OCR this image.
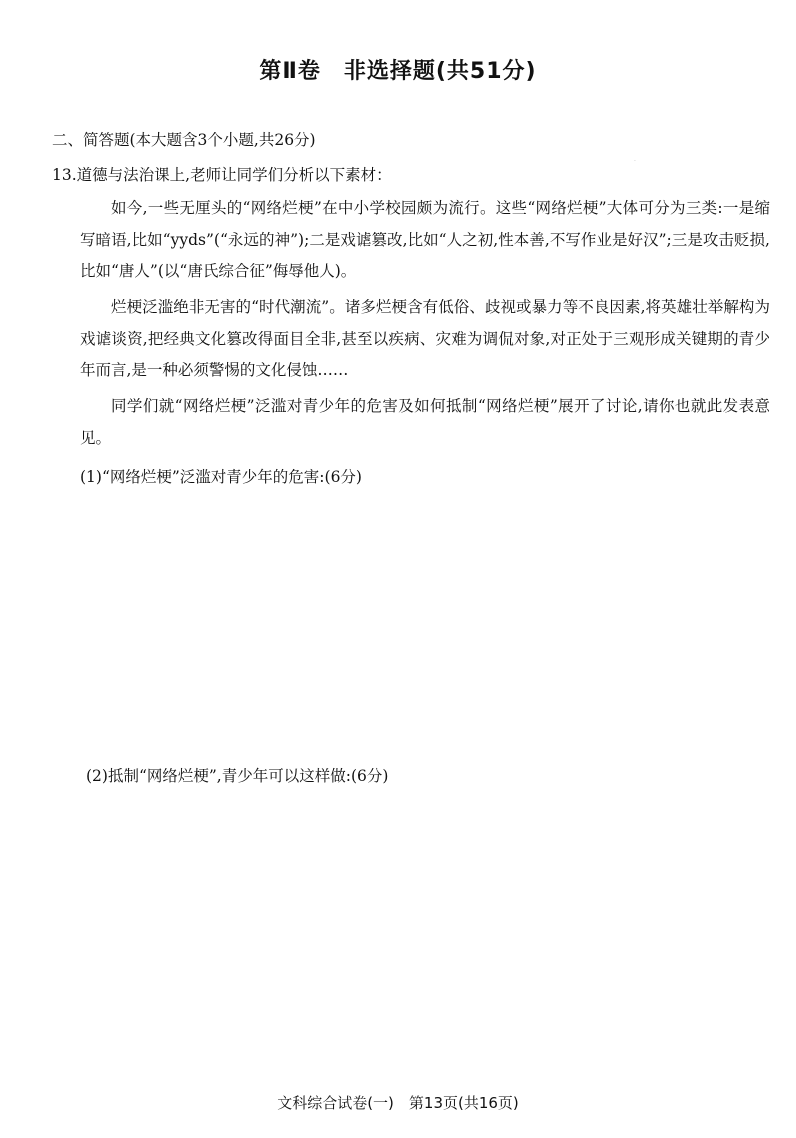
第Ⅱ卷　非选择题(共51分)
二、简答题(本大题含3个小题,共26分)
·
13.道德与法治课上,老师让同学们分析以下素材：

如今,一些无厘头的“网络烂梗”在中小学校园颇为流行。这些“网络烂梗”大体可分为三类:一是缩写暗语,比如“yyds”(“永远的神”);二是戏谑篡改,比如“人之初,性本善,不写作业是好汉”;三是攻击贬损,比如“唐人”(以“唐氏综合征”侮辱他人)。

烂梗泛滥绝非无害的“时代潮流”。诸多烂梗含有低俗、歧视或暴力等不良因素,将英雄壮举解构为戏谑谈资,把经典文化篡改得面目全非,甚至以疾病、灾难为调侃对象,对正处于三观形成关键期的青少年而言,是一种必须警惕的文化侵蚀……

同学们就“网络烂梗”泛滥对青少年的危害及如何抵制“网络烂梗”展开了讨论,请你也就此发表意见。

(1)“网络烂梗”泛滥对青少年的危害:(6分)
(2)抵制“网络烂梗”,青少年可以这样做:(6分)
文科综合试卷(一)　第13页(共16页)
